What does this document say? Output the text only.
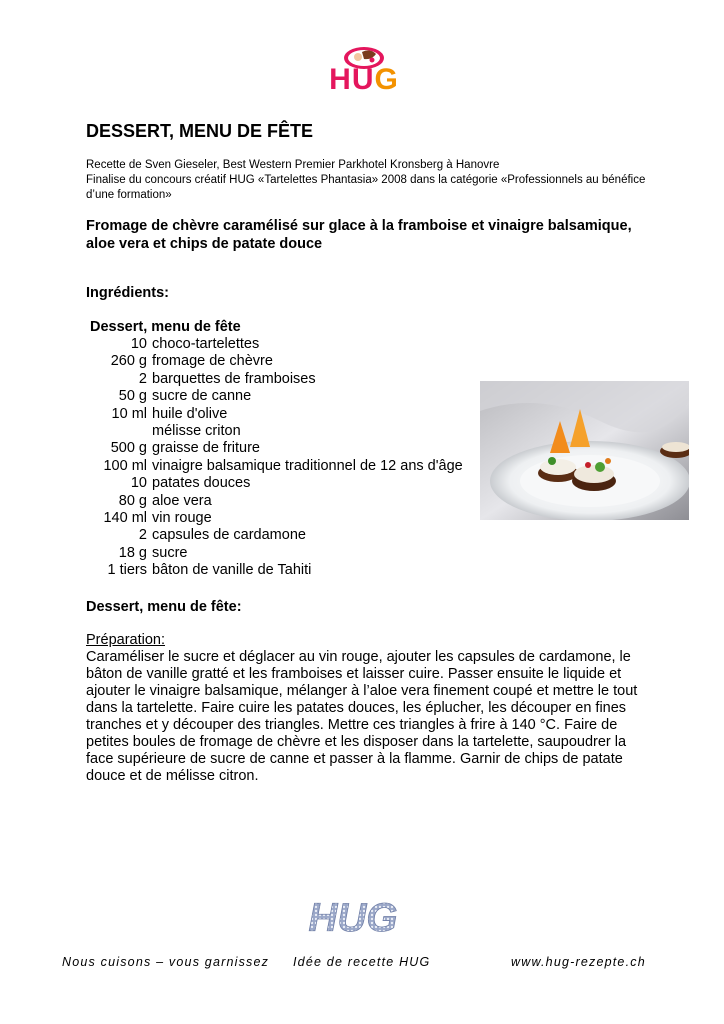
HUG
DESSERT, MENU DE FÊTE
Recette de Sven Gieseler, Best Western Premier Parkhotel Kronsberg à Hanovre
Finalise du concours créatif HUG «Tartelettes Phantasia» 2008 dans la catégorie «Professionnels au bénéfice d’une formation»
Fromage de chèvre caramélisé sur glace à la framboise et vinaigre balsamique, aloe vera et chips de patate douce
Ingrédients:
Dessert, menu de fête
10 choco-tartelettes
260 g fromage de chèvre
2 barquettes de framboises
50 g sucre de canne
10 ml huile d'olive
mélisse criton
500 g graisse de friture
100 ml vinaigre balsamique traditionnel de 12 ans d'âge
10 patates douces
80 g aloe vera
140 ml vin rouge
2 capsules de cardamone
18 g sucre
1 tiers bâton de vanille de Tahiti
Dessert, menu de fête:
Préparation:
Caraméliser le sucre et déglacer au vin rouge, ajouter les capsules de cardamone, le bâton de vanille gratté et les framboises et laisser cuire. Passer ensuite le liquide et ajouter le vinaigre balsamique, mélanger à l’aloe vera finement coupé et mettre le tout dans la tartelette. Faire cuire les patates douces, les éplucher, les découper en fines tranches et y découper des triangles. Mettre ces triangles à frire à 140 °C. Faire de petites boules de fromage de chèvre et les disposer dans la tartelette, saupoudrer la face supérieure de sucre de canne et passer à la flamme. Garnir de chips de patate douce et de mélisse citron.
HUG
Nous cuisons – vous garnissez Idée de recette HUG	www.hug-rezepte.ch
